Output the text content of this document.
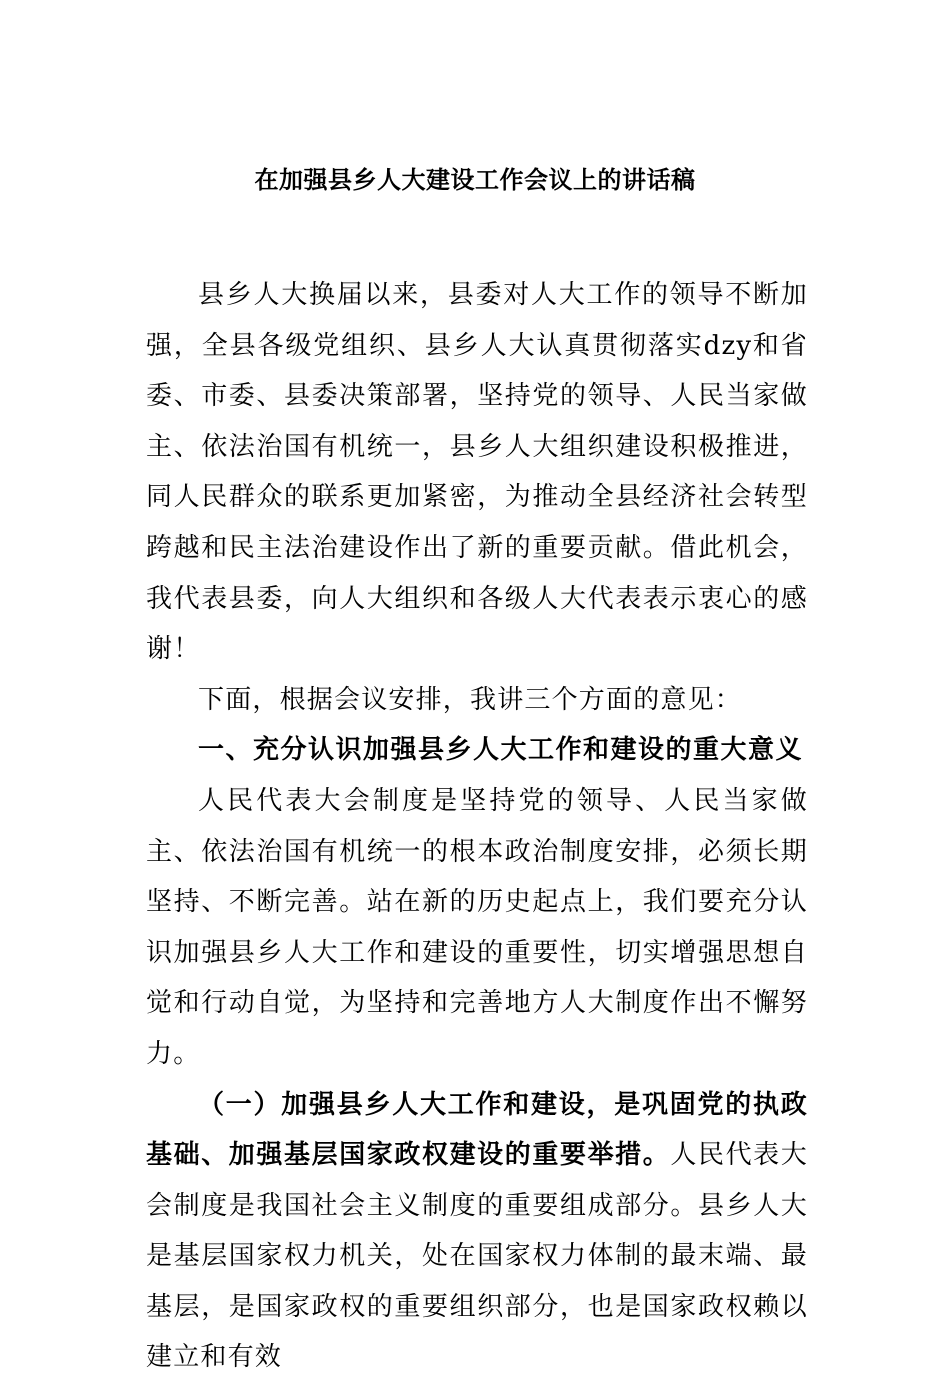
在加强县乡人大建设工作会议上的讲话稿

县乡人大换届以来，县委对人大工作的领导不断加强，全县各级党组织、县乡人大认真贯彻落实dzy和省委、市委、县委决策部署，坚持党的领导、人民当家做主、依法治国有机统一，县乡人大组织建设积极推进，同人民群众的联系更加紧密，为推动全县经济社会转型跨越和民主法治建设作出了新的重要贡献。借此机会，我代表县委，向人大组织和各级人大代表表示衷心的感谢！

下面，根据会议安排，我讲三个方面的意见：

一、充分认识加强县乡人大工作和建设的重大意义

人民代表大会制度是坚持党的领导、人民当家做主、依法治国有机统一的根本政治制度安排，必须长期坚持、不断完善。站在新的历史起点上，我们要充分认识加强县乡人大工作和建设的重要性，切实增强思想自觉和行动自觉，为坚持和完善地方人大制度作出不懈努力。

（一）加强县乡人大工作和建设，是巩固党的执政基础、加强基层国家政权建设的重要举措。人民代表大会制度是我国社会主义制度的重要组成部分。县乡人大是基层国家权力机关，处在国家权力体制的最末端、最基层，是国家政权的重要组织部分，也是国家政权赖以建立和有效
